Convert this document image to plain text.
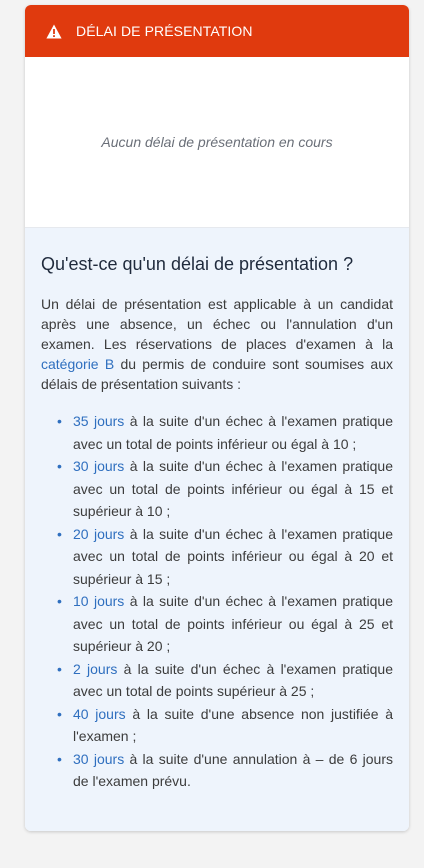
DÉLAI DE PRÉSENTATION
Aucun délai de présentation en cours
Qu'est-ce qu'un délai de présentation ?

Un délai de présentation est applicable à un candidat après une absence, un échec ou l'annulation d'un examen. Les réservations de places d'examen à la catégorie B du permis de conduire sont soumises aux délais de présentation suivants :

• 35 jours à la suite d'un échec à l'examen pratique avec un total de points inférieur ou égal à 10 ;
• 30 jours à la suite d'un échec à l'examen pratique avec un total de points inférieur ou égal à 15 et supérieur à 10 ;
• 20 jours à la suite d'un échec à l'examen pratique avec un total de points inférieur ou égal à 20 et supérieur à 15 ;
• 10 jours à la suite d'un échec à l'examen pratique avec un total de points inférieur ou égal à 25 et supérieur à 20 ;
• 2 jours à la suite d'un échec à l'examen pratique avec un total de points supérieur à 25 ;
• 40 jours à la suite d'une absence non justifiée à l'examen ;
• 30 jours à la suite d'une annulation à – de 6 jours de l'examen prévu.
